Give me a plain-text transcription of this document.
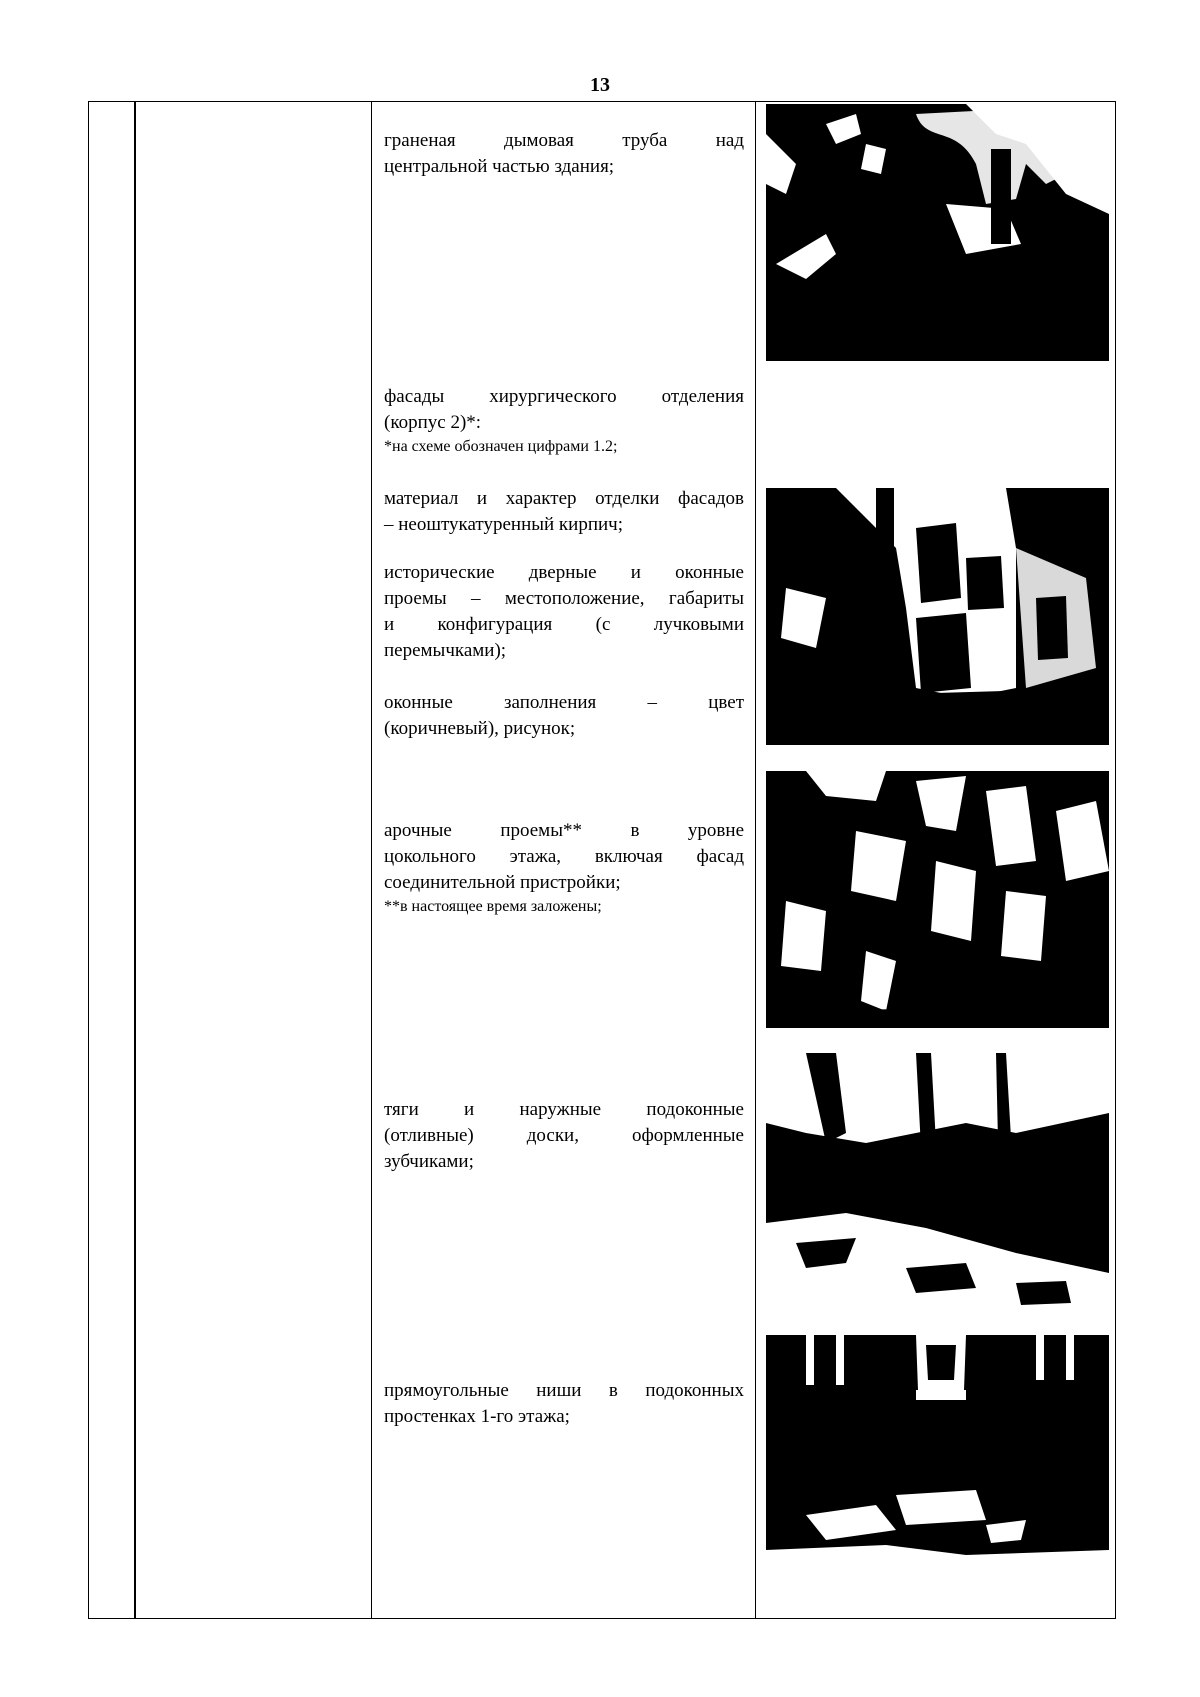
13
граненая дымовая труба над
центральной частью здания;
фасады хирургического отделения
(корпус 2)*:
*на схеме обозначен цифрами 1.2;
материал и характер отделки фасадов
– неоштукатуренный кирпич;
исторические дверные и оконные
проемы – местоположение, габариты
и конфигурация (с лучковыми
перемычками);
оконные заполнения – цвет
(коричневый), рисунок;
арочные проемы** в уровне
цокольного этажа, включая фасад
соединительной пристройки;
**в настоящее время заложены;
тяги и наружные подоконные
(отливные) доски, оформленные
зубчиками;
прямоугольные ниши в подоконных
простенках 1-го этажа;
